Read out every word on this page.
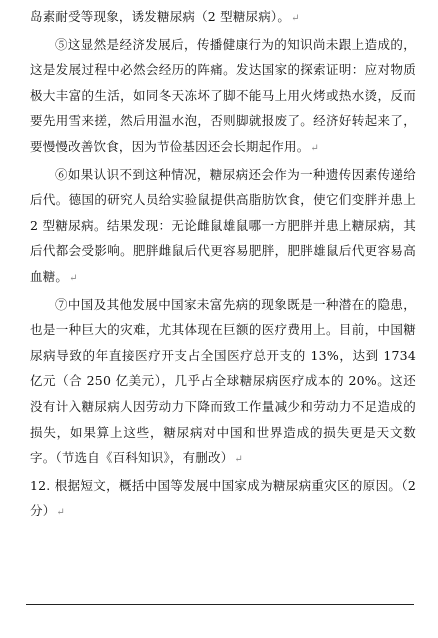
岛素耐受等现象，诱发糖尿病（2 型糖尿病）。↵

⑤这显然是经济发展后，传播健康行为的知识尚未跟上造成的，这是发展过程中必然会经历的阵痛。发达国家的探索证明：应对物质极大丰富的生活，如同冬天冻坏了脚不能马上用火烤或热水烫，反而要先用雪来搓，然后用温水泡，否则脚就报废了。经济好转起来了，要慢慢改善饮食，因为节俭基因还会长期起作用。↵

⑥如果认识不到这种情况，糖尿病还会作为一种遗传因素传递给后代。德国的研究人员给实验鼠提供高脂肪饮食，使它们变胖并患上 2 型糖尿病。结果发现：无论雌鼠雄鼠哪一方肥胖并患上糖尿病，其后代都会受影响。肥胖雌鼠后代更容易肥胖，肥胖雄鼠后代更容易高血糖。↵

⑦中国及其他发展中国家未富先病的现象既是一种潜在的隐患，也是一种巨大的灾难，尤其体现在巨额的医疗费用上。目前，中国糖尿病导致的年直接医疗开支占全国医疗总开支的 13%，达到 1734 亿元（合 250 亿美元），几乎占全球糖尿病医疗成本的 20%。这还没有计入糖尿病人因劳动力下降而致工作量减少和劳动力不足造成的损失，如果算上这些，糖尿病对中国和世界造成的损失更是天文数字。（节选自《百科知识》，有删改）↵

12. 根据短文，概括中国等发展中国家成为糖尿病重灾区的原因。（2 分）↵
